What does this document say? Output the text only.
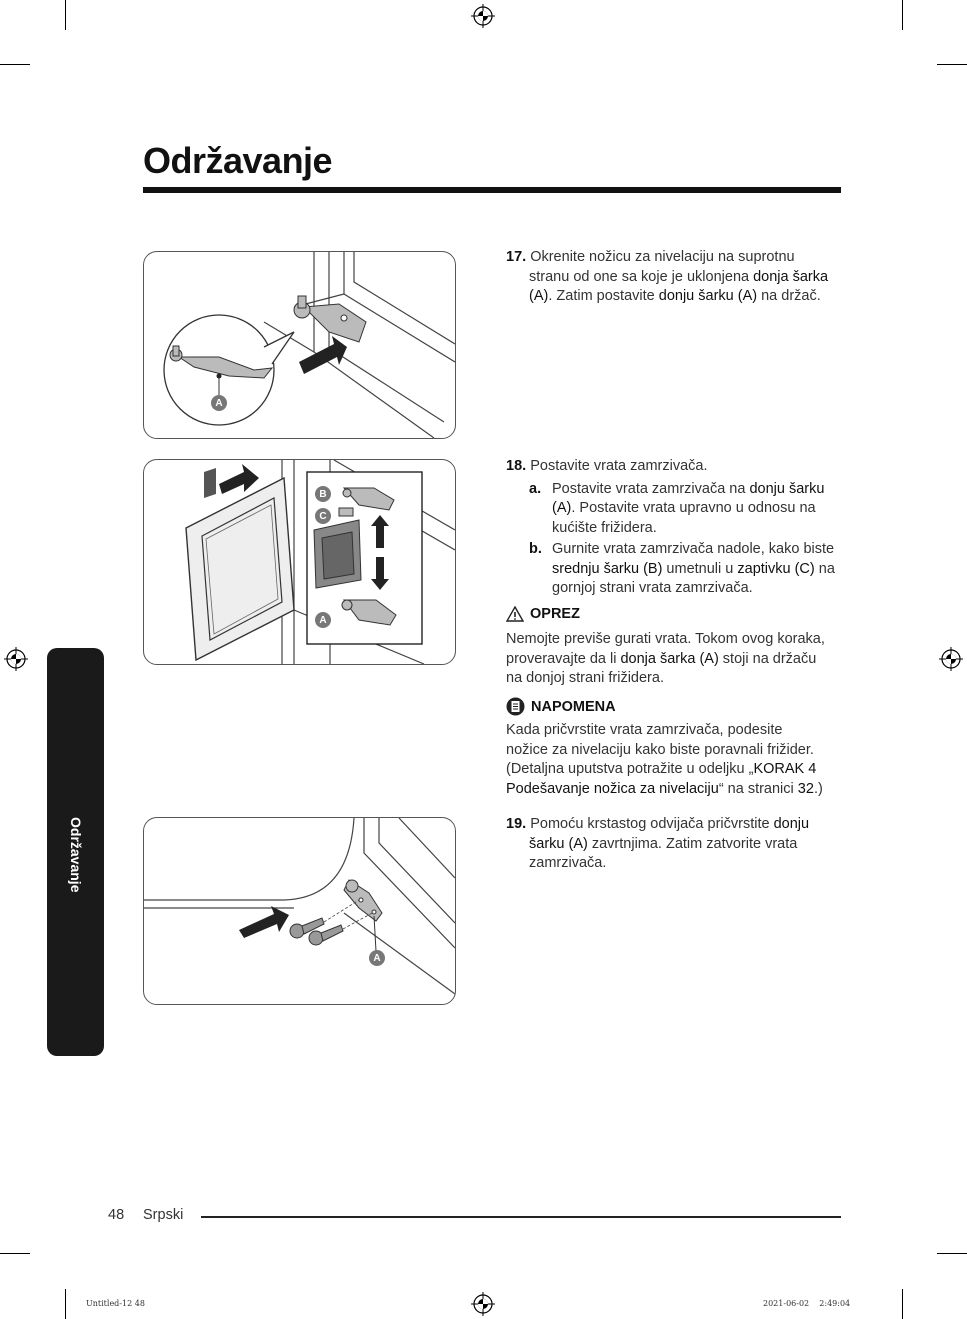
Održavanje
Održavanje
A
B
C
A
A
17. Okrenite nožicu za nivelaciju na suprotnu
stranu od one sa koje je uklonjena donja šarka
(A). Zatim postavite donju šarku (A) na držač.
18. Postavite vrata zamrzivača.
a. Postavite vrata zamrzivača na donju šarku
(A). Postavite vrata upravno u odnosu na
kućište frižidera.
b. Gurnite vrata zamrzivača nadole, kako biste
srednju šarku (B) umetnuli u zaptivku (C) na
gornjoj strani vrata zamrzivača.
OPREZ
Nemojte previše gurati vrata. Tokom ovog koraka,
proveravajte da li donja šarka (A) stoji na držaču
na donjoj strani frižidera.
NAPOMENA
Kada pričvrstite vrata zamrzivača, podesite
nožice za nivelaciju kako biste poravnali frižider.
(Detaljna uputstva potražite u odeljku „KORAK 4
Podešavanje nožica za nivelaciju“ na stranici 32.)
19. Pomoću krstastog odvijača pričvrstite donju
šarku (A) zavrtnjima. Zatim zatvorite vrata
zamrzivača.
48 Srpski
Untitled-12 48	2021-06-02    2:49:04
